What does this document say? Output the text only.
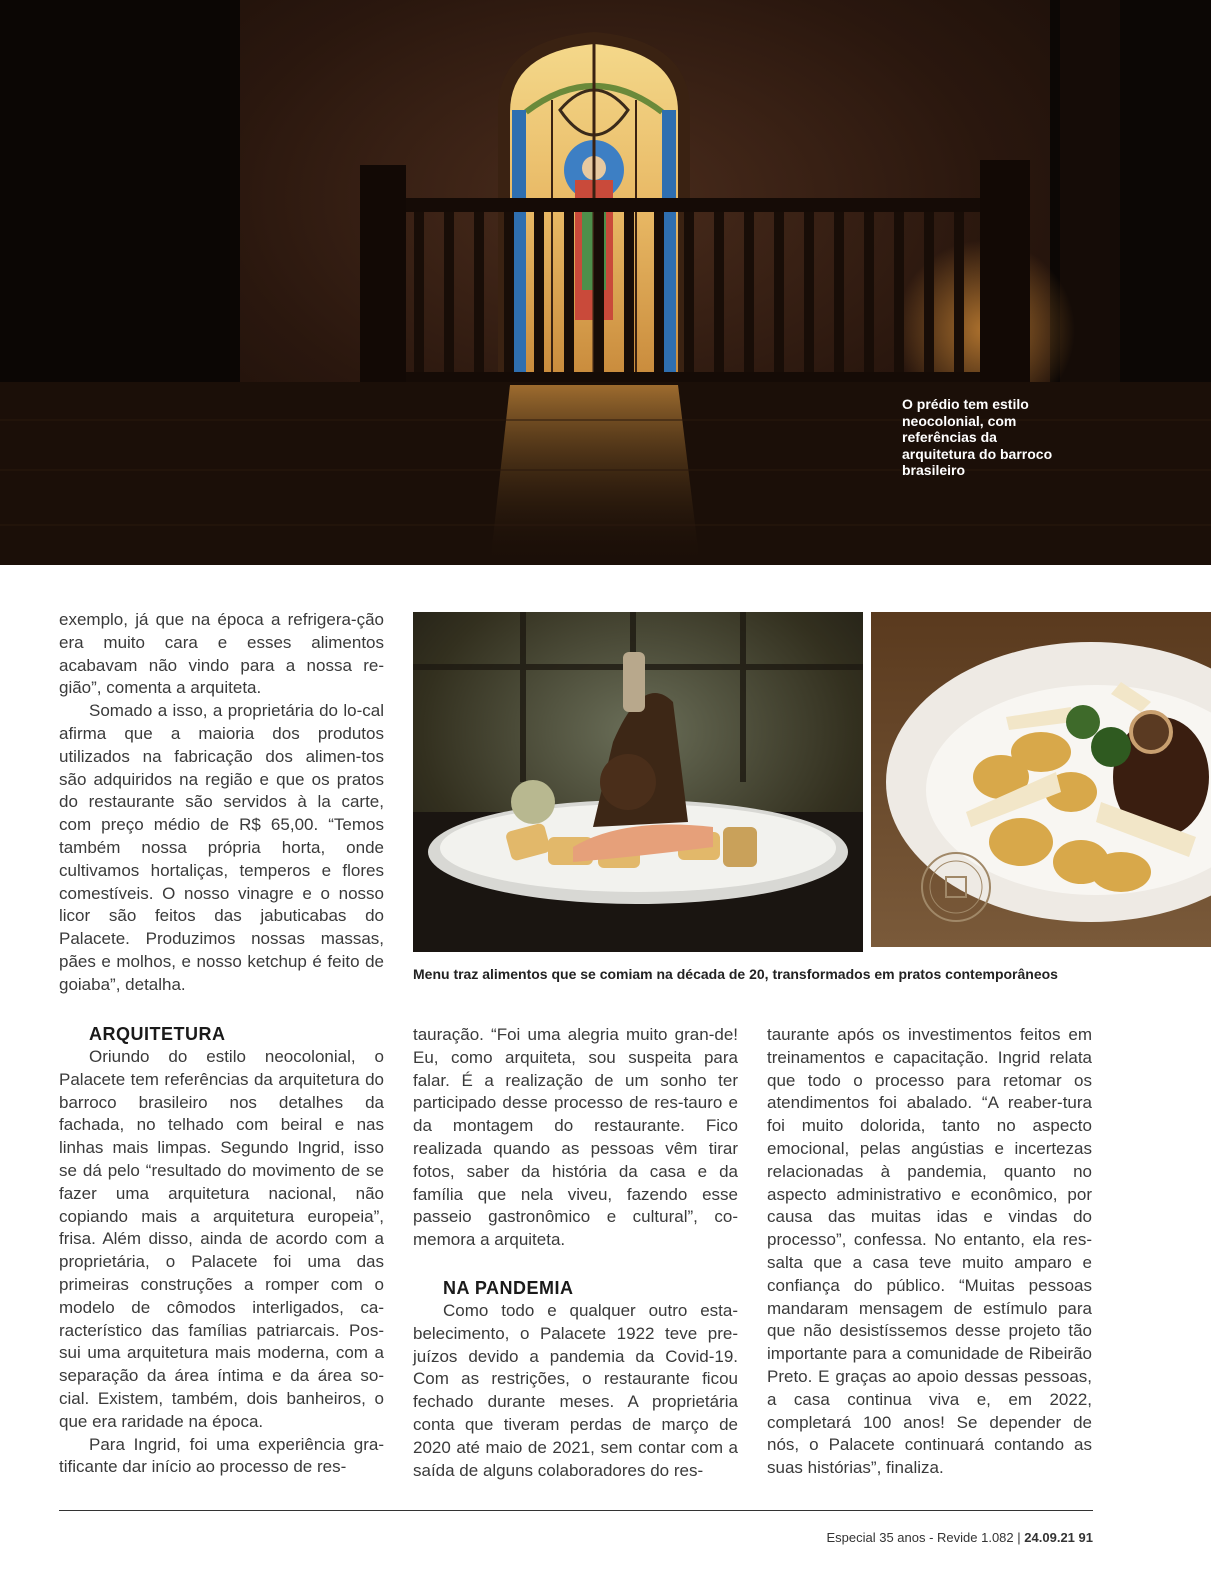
O prédio tem estilo neocolonial, com referências da arquitetura do barroco brasileiro
Menu traz alimentos que se comiam na década de 20, transformados em pratos contemporâneos

exemplo, já que na época a refrigera-ção era muito cara e esses alimentos acabavam não vindo para a nossa re-gião”, comenta a arquiteta.

Somado a isso, a proprietária do lo-cal afirma que a maioria dos produtos utilizados na fabricação dos alimen-tos são adquiridos na região e que os pratos do restaurante são servidos à la carte, com preço médio de R$ 65,00. “Temos também nossa própria horta, onde cultivamos hortaliças, temperos e flores comestíveis. O nosso vinagre e o nosso licor são feitos das jabuticabas do Palacete. Produzimos nossas massas, pães e molhos, e nosso ketchup é feito de goiaba”, detalha.

ARQUITETURA

Oriundo do estilo neocolonial, o Palacete tem referências da arquitetura do barroco brasileiro nos detalhes da fachada, no telhado com beiral e nas linhas mais limpas. Segundo Ingrid, isso se dá pelo “resultado do movimento de se fazer uma arquitetura nacional, não copiando mais a arquitetura europeia”, frisa. Além disso, ainda de acordo com a proprietária, o Palacete foi uma das primeiras construções a romper com o modelo de cômodos interligados, ca-racterístico das famílias patriarcais. Pos-sui uma arquitetura mais moderna, com a separação da área íntima e da área so-cial. Existem, também, dois banheiros, o que era raridade na época.

Para Ingrid, foi uma experiência gra-tificante dar início ao processo de res-

tauração. “Foi uma alegria muito gran-de! Eu, como arquiteta, sou suspeita para falar. É a realização de um sonho ter participado desse processo de res-tauro e da montagem do restaurante. Fico realizada quando as pessoas vêm tirar fotos, saber da história da casa e da família que nela viveu, fazendo esse passeio gastronômico e cultural”, co-memora a arquiteta.

NA PANDEMIA

Como todo e qualquer outro esta-belecimento, o Palacete 1922 teve pre-juízos devido a pandemia da Covid-19. Com as restrições, o restaurante ficou fechado durante meses. A proprietária conta que tiveram perdas de março de 2020 até maio de 2021, sem contar com a saída de alguns colaboradores do res-

taurante após os investimentos feitos em treinamentos e capacitação. Ingrid relata que todo o processo para retomar os atendimentos foi abalado. “A reaber-tura foi muito dolorida, tanto no aspecto emocional, pelas angústias e incertezas relacionadas à pandemia, quanto no aspecto administrativo e econômico, por causa das muitas idas e vindas do processo”, confessa. No entanto, ela res-salta que a casa teve muito amparo e confiança do público. “Muitas pessoas mandaram mensagem de estímulo para que não desistíssemos desse projeto tão importante para a comunidade de Ribeirão Preto. E graças ao apoio dessas pessoas, a casa continua viva e, em 2022, completará 100 anos! Se depender de nós, o Palacete continuará contando as suas histórias”, finaliza.

Especial 35 anos - Revide 1.082 | 24.09.21 91
